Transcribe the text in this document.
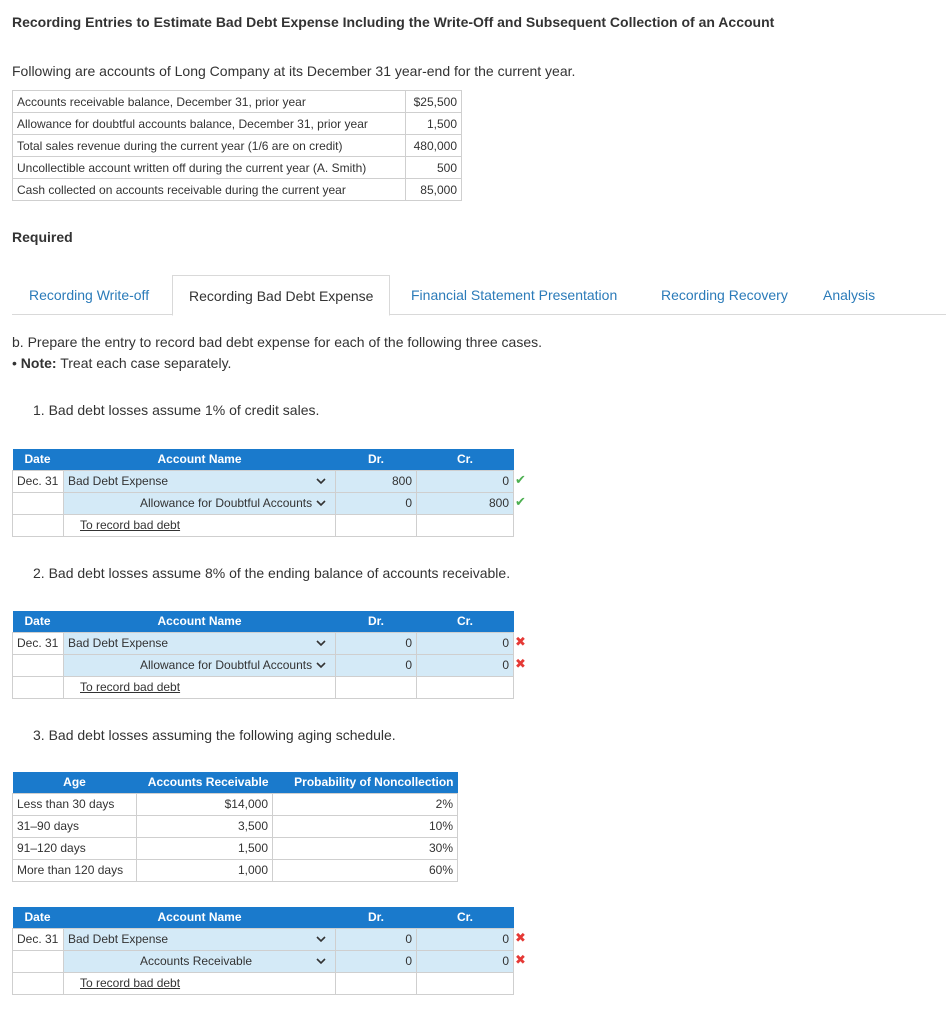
Recording Entries to Estimate Bad Debt Expense Including the Write-Off and Subsequent Collection of an Account
Following are accounts of Long Company at its December 31 year-end for the current year.
Accounts receivable balance, December 31, prior year	$25,500
Allowance for doubtful accounts balance, December 31, prior year	1,500
Total sales revenue during the current year (1/6 are on credit)	480,000
Uncollectible account written off during the current year (A. Smith)	500
Cash collected on accounts receivable during the current year	85,000
Required
Recording Write-off	Recording Bad Debt Expense	Financial Statement Presentation	Recording Recovery	Analysis
b. Prepare the entry to record bad debt expense for each of the following three cases.
• Note: Treat each case separately.
1. Bad debt losses assume 1% of credit sales.
Date	Account Name	Dr.	Cr.
Dec. 31	Bad Debt Expense	800	0
	Allowance for Doubtful Accounts	0	800
	To record bad debt		
✔
✔
2. Bad debt losses assume 8% of the ending balance of accounts receivable.
Date	Account Name	Dr.	Cr.
Dec. 31	Bad Debt Expense	0	0
	Allowance for Doubtful Accounts	0	0
	To record bad debt		
✖
✖
3. Bad debt losses assuming the following aging schedule.
Age	Accounts Receivable	Probability of Noncollection
Less than 30 days	$14,000	2%
31–90 days	3,500	10%
91–120 days	1,500	30%
More than 120 days	1,000	60%
Date	Account Name	Dr.	Cr.
Dec. 31	Bad Debt Expense	0	0
	Accounts Receivable	0	0
	To record bad debt		
✖
✖
